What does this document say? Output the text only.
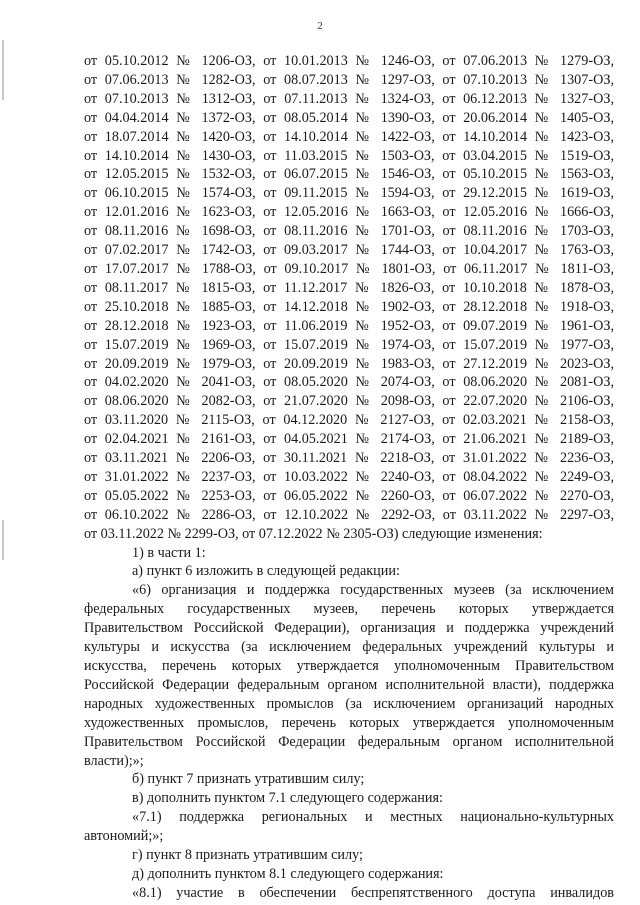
2
от 05.10.2012 № 1206-ОЗ, от 10.01.2013 № 1246-ОЗ, от 07.06.2013 № 1279-ОЗ,
от 07.06.2013 № 1282-ОЗ, от 08.07.2013 № 1297-ОЗ, от 07.10.2013 № 1307-ОЗ,
от 07.10.2013 № 1312-ОЗ, от 07.11.2013 № 1324-ОЗ, от 06.12.2013 № 1327-ОЗ,
от 04.04.2014 № 1372-ОЗ, от 08.05.2014 № 1390-ОЗ, от 20.06.2014 № 1405-ОЗ,
от 18.07.2014 № 1420-ОЗ, от 14.10.2014 № 1422-ОЗ, от 14.10.2014 № 1423-ОЗ,
от 14.10.2014 № 1430-ОЗ, от 11.03.2015 № 1503-ОЗ, от 03.04.2015 № 1519-ОЗ,
от 12.05.2015 № 1532-ОЗ, от 06.07.2015 № 1546-ОЗ, от 05.10.2015 № 1563-ОЗ,
от 06.10.2015 № 1574-ОЗ, от 09.11.2015 № 1594-ОЗ, от 29.12.2015 № 1619-ОЗ,
от 12.01.2016 № 1623-ОЗ, от 12.05.2016 № 1663-ОЗ, от 12.05.2016 № 1666-ОЗ,
от 08.11.2016 № 1698-ОЗ, от 08.11.2016 № 1701-ОЗ, от 08.11.2016 № 1703-ОЗ,
от 07.02.2017 № 1742-ОЗ, от 09.03.2017 № 1744-ОЗ, от 10.04.2017 № 1763-ОЗ,
от 17.07.2017 № 1788-ОЗ, от 09.10.2017 № 1801-ОЗ, от 06.11.2017 № 1811-ОЗ,
от 08.11.2017 № 1815-ОЗ, от 11.12.2017 № 1826-ОЗ, от 10.10.2018 № 1878-ОЗ,
от 25.10.2018 № 1885-ОЗ, от 14.12.2018 № 1902-ОЗ, от 28.12.2018 № 1918-ОЗ,
от 28.12.2018 № 1923-ОЗ, от 11.06.2019 № 1952-ОЗ, от 09.07.2019 № 1961-ОЗ,
от 15.07.2019 № 1969-ОЗ, от 15.07.2019 № 1974-ОЗ, от 15.07.2019 № 1977-ОЗ,
от 20.09.2019 № 1979-ОЗ, от 20.09.2019 № 1983-ОЗ, от 27.12.2019 № 2023-ОЗ,
от 04.02.2020 № 2041-ОЗ, от 08.05.2020 № 2074-ОЗ, от 08.06.2020 № 2081-ОЗ,
от 08.06.2020 № 2082-ОЗ, от 21.07.2020 № 2098-ОЗ, от 22.07.2020 № 2106-ОЗ,
от 03.11.2020 № 2115-ОЗ, от 04.12.2020 № 2127-ОЗ, от 02.03.2021 № 2158-ОЗ,
от 02.04.2021 № 2161-ОЗ, от 04.05.2021 № 2174-ОЗ, от 21.06.2021 № 2189-ОЗ,
от 03.11.2021 № 2206-ОЗ, от 30.11.2021 № 2218-ОЗ, от 31.01.2022 № 2236-ОЗ,
от 31.01.2022 № 2237-ОЗ, от 10.03.2022 № 2240-ОЗ, от 08.04.2022 № 2249-ОЗ,
от 05.05.2022 № 2253-ОЗ, от 06.05.2022 № 2260-ОЗ, от 06.07.2022 № 2270-ОЗ,
от 06.10.2022 № 2286-ОЗ, от 12.10.2022 № 2292-ОЗ, от 03.11.2022 № 2297-ОЗ,
от 03.11.2022 № 2299-ОЗ, от 07.12.2022 № 2305-ОЗ) следующие изменения:
1) в части 1:
а) пункт 6 изложить в следующей редакции:
«6) организация и поддержка государственных музеев (за исключением федеральных государственных музеев, перечень которых утверждается Правительством Российской Федерации), организация и поддержка учреждений культуры и искусства (за исключением федеральных учреждений культуры и искусства, перечень которых утверждается уполномоченным Правительством Российской Федерации федеральным органом исполнительной власти), поддержка народных художественных промыслов (за исключением организаций народных художественных промыслов, перечень которых утверждается уполномоченным Правительством Российской Федерации федеральным органом исполнительной власти);»;
б) пункт 7 признать утратившим силу;
в) дополнить пунктом 7.1 следующего содержания:
«7.1) поддержка региональных и местных национально-культурных автономий;»;
г) пункт 8 признать утратившим силу;
д) дополнить пунктом 8.1 следующего содержания:
«8.1) участие в обеспечении беспрепятственного доступа инвалидов
